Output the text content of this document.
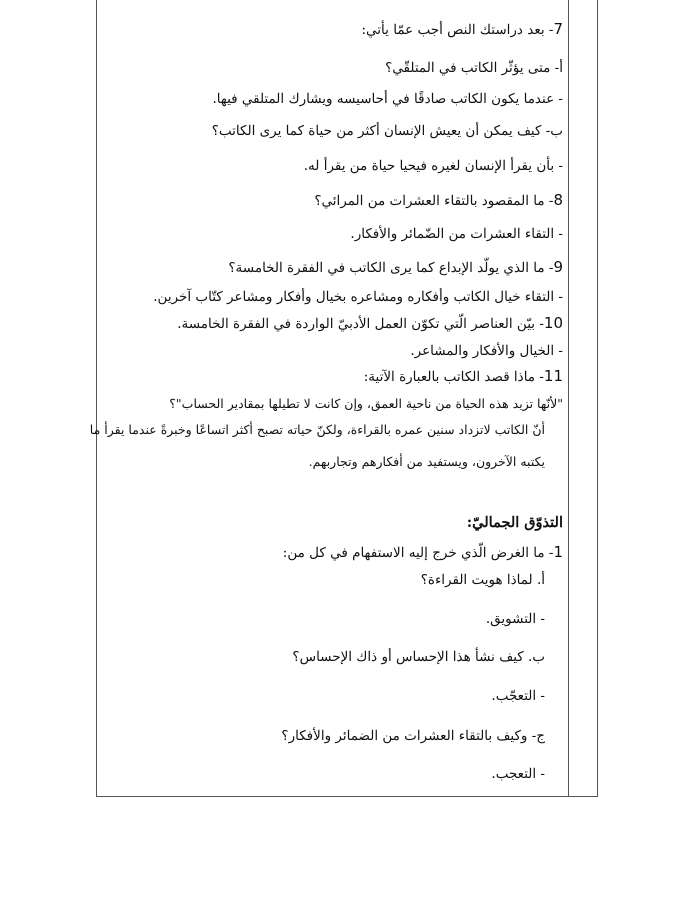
7- بعد دراستك النص أجب عمّا يأتي:
أ- متى يؤثّر الكاتب في المتلقّي؟
- عندما يكون الكاتب صادقًا في أحاسيسه ويشارك المتلقي فيها.
ب- كيف يمكن أن يعيش الإنسان أكثر من حياة كما يرى الكاتب؟
- بأن يقرأ الإنسان لغيره فيحيا حياة من يقرأ له.
8- ما المقصود بالتقاء العشرات من المرائي؟
- التقاء العشرات من الضّمائر والأفكار.
9- ما الذي يولّد الإبداع كما يرى الكاتب في الفقرة الخامسة؟
- التقاء خيال الكاتب وأفكاره ومشاعره بخيال وأفكار ومشاعر كتّاب آخرين.
10- بيّن العناصر الّتي تكوّن العمل الأدبيّ الواردة في الفقرة الخامسة.
- الخيال والأفكار والمشاعر.
11- ماذا قصد الكاتب بالعبارة الآتية:
"لأنّها تزيد هذه الحياة من ناحية العمق، وإن كانت لا تطيلها بمقادير الحساب"؟
أنّ الكاتب لاتزداد سنين عمره بالقراءة، ولكنّ حياته تصبح أكثر اتساعًا وخبرةً عندما يقرأ ما
يكتبه الآخرون، ويستفيد من أفكارهم وتجاربهم.
التذوّق الجماليّ:
1- ما الغرض الّذي خرج إليه الاستفهام في كل من:
أ. لماذا هويت القراءة؟
- التشويق.
ب. كيف نشأ هذا الإحساس أو ذاك الإحساس؟
- التعجّب.
ج- وكيف بالتقاء العشرات من الضمائر والأفكار؟
- التعجب.
